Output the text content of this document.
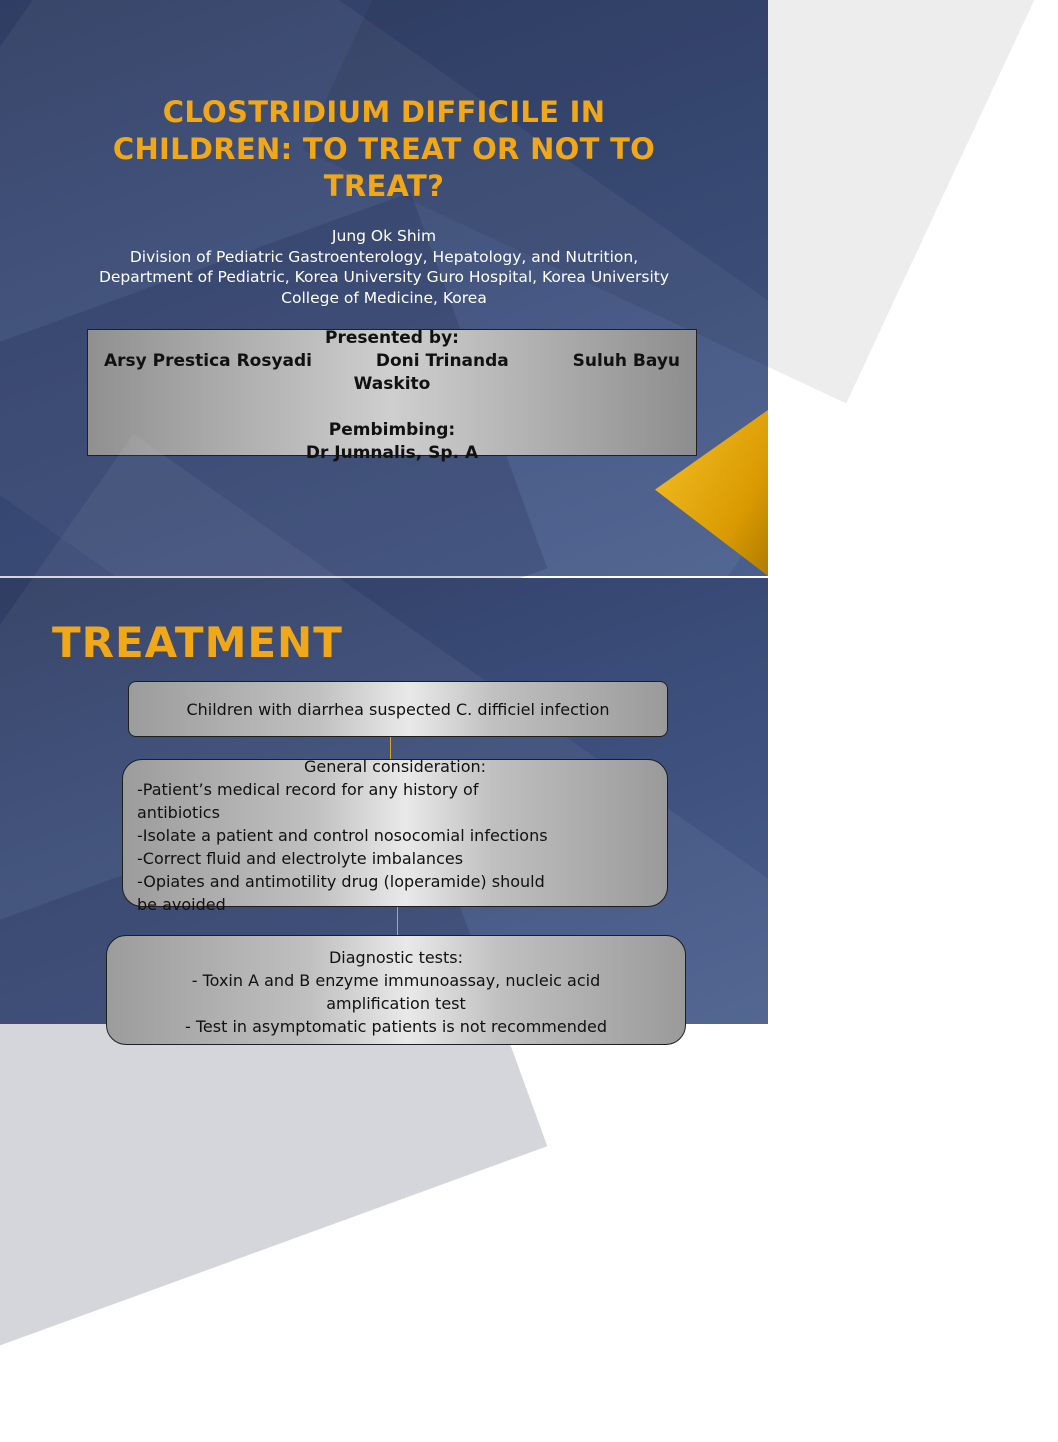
CLOSTRIDIUM DIFFICILE IN
CHILDREN: TO TREAT OR NOT TO
TREAT?
Jung Ok Shim
Division of Pediatric Gastroenterology, Hepatology, and Nutrition,
Department of Pediatric, Korea University Guro Hospital, Korea University
College of Medicine, Korea
Presented by:
Arsy Prestica Rosyadi	Doni Trinanda	Suluh Bayu
Waskito
Pembimbing:
Dr Jumnalis, Sp. A
TREATMENT
Children with diarrhea suspected C. difficiel infection
General consideration:
-Patient’s medical record for any history of
antibiotics
-Isolate a patient and control nosocomial infections
-Correct fluid and electrolyte imbalances
-Opiates and antimotility drug (loperamide) should
be avoided
Diagnostic tests:
- Toxin A and B enzyme immunoassay, nucleic acid
amplification test
- Test in asymptomatic patients is not recommended
